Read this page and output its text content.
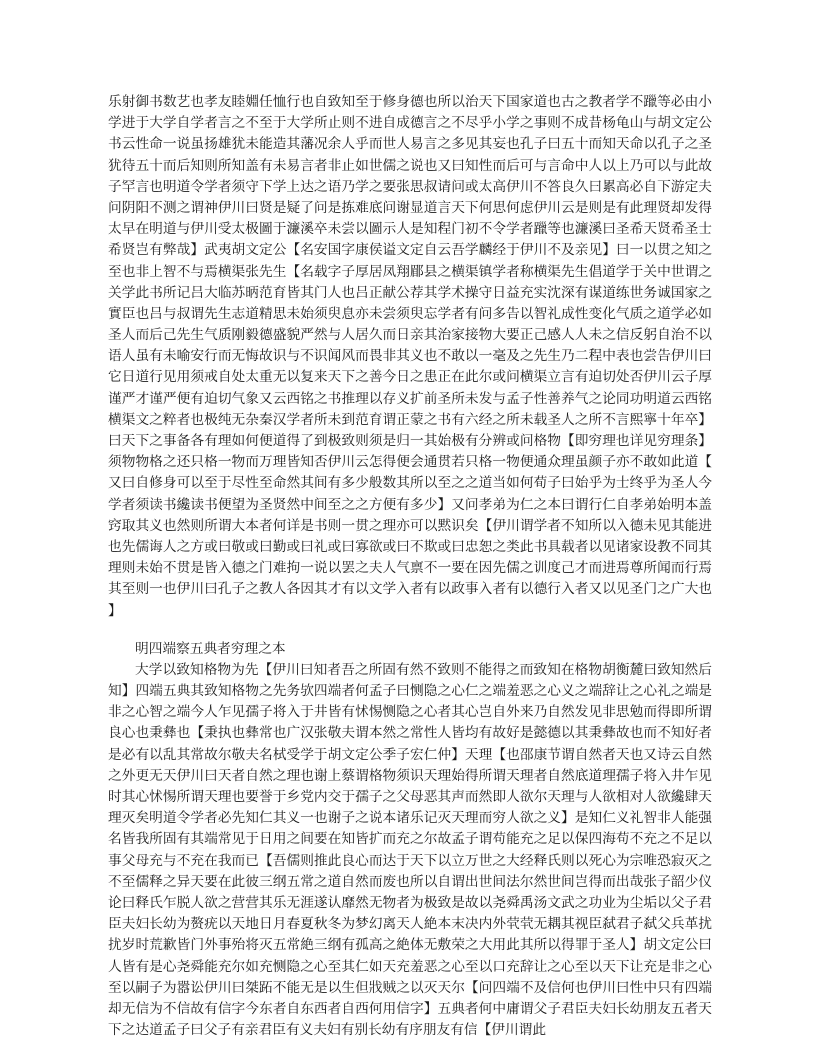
乐射御书数艺也孝友睦婣任恤行也自致知至于修身德也所以治天下国家道也古之教者学不躐等必由小学进于大学自学者言之不至于大学所止则不进自成德言之不尽乎小学之事则不成昔杨龟山与胡文定公书云性命一说虽扬雄犹未能造其藩况余人乎而世人易言之多见其妄也孔子曰五十而知天命以孔子之圣犹待五十而后知则所知盖有未易言者非止如世儒之说也又曰知性而后可与言命中人以上乃可以与此故子罕言也明道令学者须守下学上达之语乃学之要张思叔请问或太高伊川不答良久曰累高必自下游定夫问阴阳不测之谓神伊川曰贤是疑了问是拣难底问谢显道言天下何思何虑伊川云是则是有此理贤却发得太早在明道与伊川受太极圖于濂溪卒未尝以圖示人是知程门初不令学者躐等也濂溪曰圣希天贤希圣士希贤岂有弊哉】武夷胡文定公【名安国字康侯谥文定自云吾学麟经于伊川不及亲见】曰一以贯之知之至也非上智不与焉横渠张先生【名载字子厚居凤翔郿县之横渠镇学者称横渠先生倡道学于关中世谓之关学此书所记吕大临苏昞范育皆其门人也吕正献公荐其学术操守日益充实沈深有谋道练世务诚国家之實臣也吕与叔谓先生志道精思未始须臾息亦未尝须臾忘学者有问多告以智礼成性变化气质之道学必如圣人而后己先生气质刚毅德盛貌严然与人居久而日亲其治家接物大要正己感人人未之信反躬自治不以语人虽有未喻安行而无悔故识与不识闻风而畏非其义也不敢以一毫及之先生乃二程中表也尝告伊川曰它日道行见用须戒自处太重无以复来天下之善今日之患正在此尔或问横渠立言有迫切处否伊川云子厚谨严才谨严便有迫切气象又云西铭之书推理以存义扩前圣所未发与孟子性善养气之论同功明道云西铭横渠文之粹者也极纯无杂秦汉学者所未到范育谓正蒙之书有六经之所未载圣人之所不言熙寧十年卒】曰天下之事备各有理如何便道得了到极致则须是归一其始极有分辨或问格物【即穷理也详见穷理条】须物物格之还只格一物而万理皆知否伊川云怎得便会通贯若只格一物便通众理虽颜子亦不敢如此道【又曰自修身可以至于尽性至命然其间有多少般数其所以至之之道当如何荀子曰始乎为士终乎为圣人今学者须读书纔读书便望为圣贤然中间至之之方便有多少】又问孝弟为仁之本曰谓行仁自孝弟始明本盖窍取其义也然则所谓大本者何详是书则一贯之理亦可以黙识矣【伊川谓学者不知所以入德未见其能进也先儒诲人之方或曰敬或曰勤或曰礼或曰寡欲或曰不欺或曰忠恕之类此书具载者以见诸家设教不同其理则未始不贯是皆入德之门难拘一说以罢之夫人气禀不一要在因先儒之训度己才而进焉尊所闻而行焉其至则一也伊川曰孔子之教人各因其才有以文学入者有以政事入者有以德行入者又以见圣门之广大也】

明四端察五典者穷理之本

大学以致知格物为先【伊川曰知者吾之所固有然不致则不能得之而致知在格物胡衡麓曰致知然后知】四端五典其致知格物之先务欤四端者何孟子曰恻隐之心仁之端羞恶之心义之端辞让之心礼之端是非之心智之端今人乍见孺子将入于井皆有怵惕恻隐之心者其心岂自外来乃自然发见非思勉而得即所谓良心也秉彝也【秉执也彝常也广汉张敬夫谓本然之常性人皆均有故好是懿德以其秉彝故也而不知好者是必有以乱其常故尔敬夫名栻受学于胡文定公季子宏仁仲】天理【也邵康节谓自然者天也又诗云自然之外更无天伊川曰天者自然之理也谢上蔡谓格物须识天理始得所谓天理者自然底道理孺子将入井乍见时其心怵惕所谓天理也要誉于乡党内交于孺子之父母恶其声而然即人欲尔天理与人欲相对人欲纔肆天理灭矣明道令学者必先知仁其义一也谢子之说本诸乐记灭天理而穷人欲之义】是知仁义礼智非人能强名皆我所固有其端常见于日用之间要在知皆扩而充之尔故孟子谓苟能充之足以保四海苟不充之不足以事父母充与不充在我而已【吾儒则推此良心而达于天下以立万世之大经释氏则以死心为宗唯恐寂灭之不至儒释之异天要在此彼三纲五常之道自然而废也所以自谓出世间法尔然世间岂得而出哉张子韶少仪论曰释氏乍脱人欲之营营其乐无涯遂认靡然无物者为极致是故以尧舜禹汤文武之功业为尘垢以父子君臣夫妇长幼为赘疣以天地日月春夏秋冬为梦幻离天人絶本末决内外茕茕无耦其视臣弑君子弑父兵革扰扰岁时荒歉皆门外事殆将灭五常絶三纲有孤高之絶体无敷荣之大用此其所以得罪于圣人】胡文定公曰人皆有是心尧舜能充尔如充恻隐之心至其仁如天充羞恶之心至以口充辞让之心至以天下让充是非之心至以嗣子为嚣讼伊川曰桀跖不能无是以生但戕贼之以灭天尔【问四端不及信何也伊川曰性中只有四端却无信为不信故有信字今东者自东西者自西何用信字】五典者何中庸谓父子君臣夫妇长幼朋友五者天下之达道孟子曰父子有亲君臣有义夫妇有别长幼有序朋友有信【伊川谓此
